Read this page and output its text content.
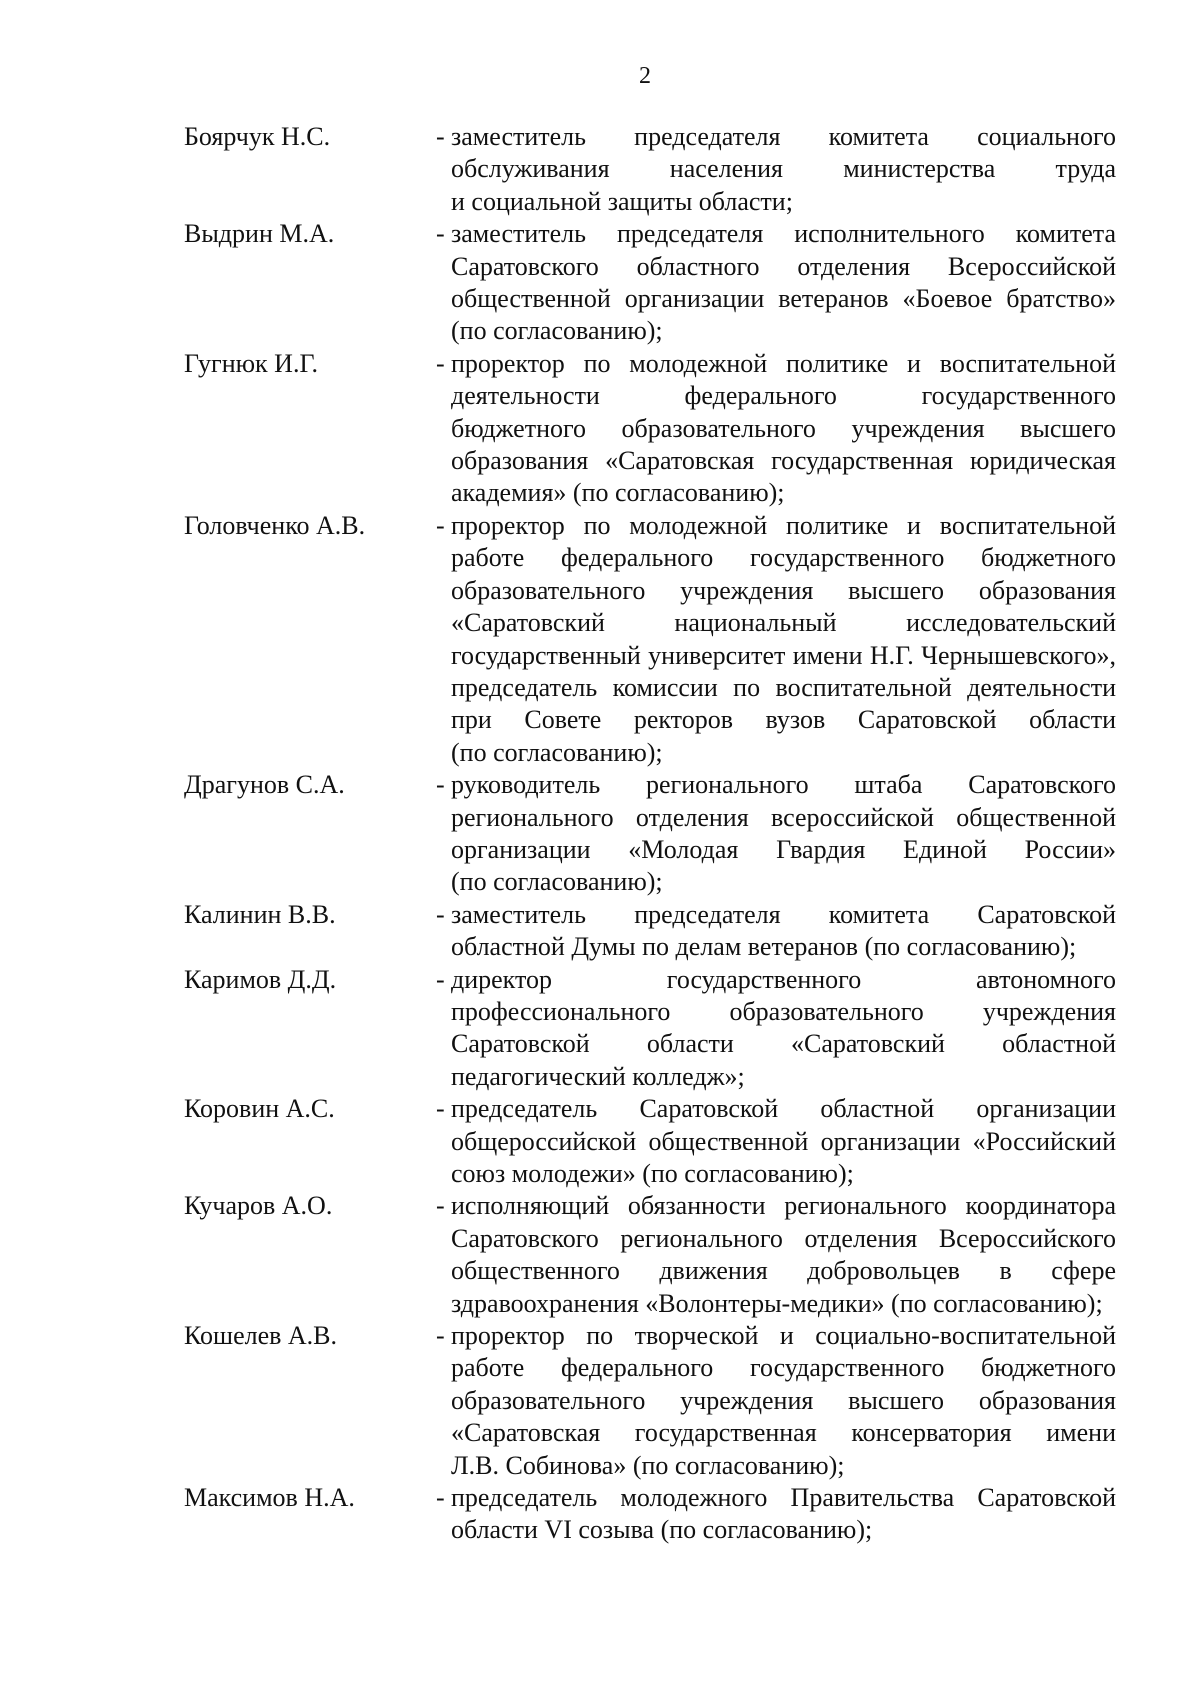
2
Боярчук Н.С.	- заместитель председателя комитета социального
обслуживания населения министерства труда
и социальной защиты области;
Выдрин М.А.	- заместитель председателя исполнительного комитета
Саратовского областного отделения Всероссийской
общественной организации ветеранов «Боевое братство»
(по согласованию);
Гугнюк И.Г.	- проректор по молодежной политике и воспитательной
деятельности федерального государственного
бюджетного образовательного учреждения высшего
образования «Саратовская государственная юридическая
академия» (по согласованию);
Головченко А.В.	- проректор по молодежной политике и воспитательной
работе федерального государственного бюджетного
образовательного учреждения высшего образования
«Саратовский национальный исследовательский
государственный университет имени Н.Г. Чернышевского»,
председатель комиссии по воспитательной деятельности
при Совете ректоров вузов Саратовской области
(по согласованию);
Драгунов С.А.	- руководитель регионального штаба Саратовского
регионального отделения всероссийской общественной
организации «Молодая Гвардия Единой России»
(по согласованию);
Калинин В.В.	- заместитель председателя комитета Саратовской
областной Думы по делам ветеранов (по согласованию);
Каримов Д.Д.	- директор государственного автономного
профессионального образовательного учреждения
Саратовской области «Саратовский областной
педагогический колледж»;
Коровин А.С.	- председатель Саратовской областной организации
общероссийской общественной организации «Российский
союз молодежи» (по согласованию);
Кучаров А.О.	- исполняющий обязанности регионального координатора
Саратовского регионального отделения Всероссийского
общественного движения добровольцев в сфере
здравоохранения «Волонтеры-медики» (по согласованию);
Кошелев А.В.	- проректор по творческой и социально-воспитательной
работе федерального государственного бюджетного
образовательного учреждения высшего образования
«Саратовская государственная консерватория имени
Л.В. Собинова» (по согласованию);
Максимов Н.А.	- председатель молодежного Правительства Саратовской
области VI созыва (по согласованию);
